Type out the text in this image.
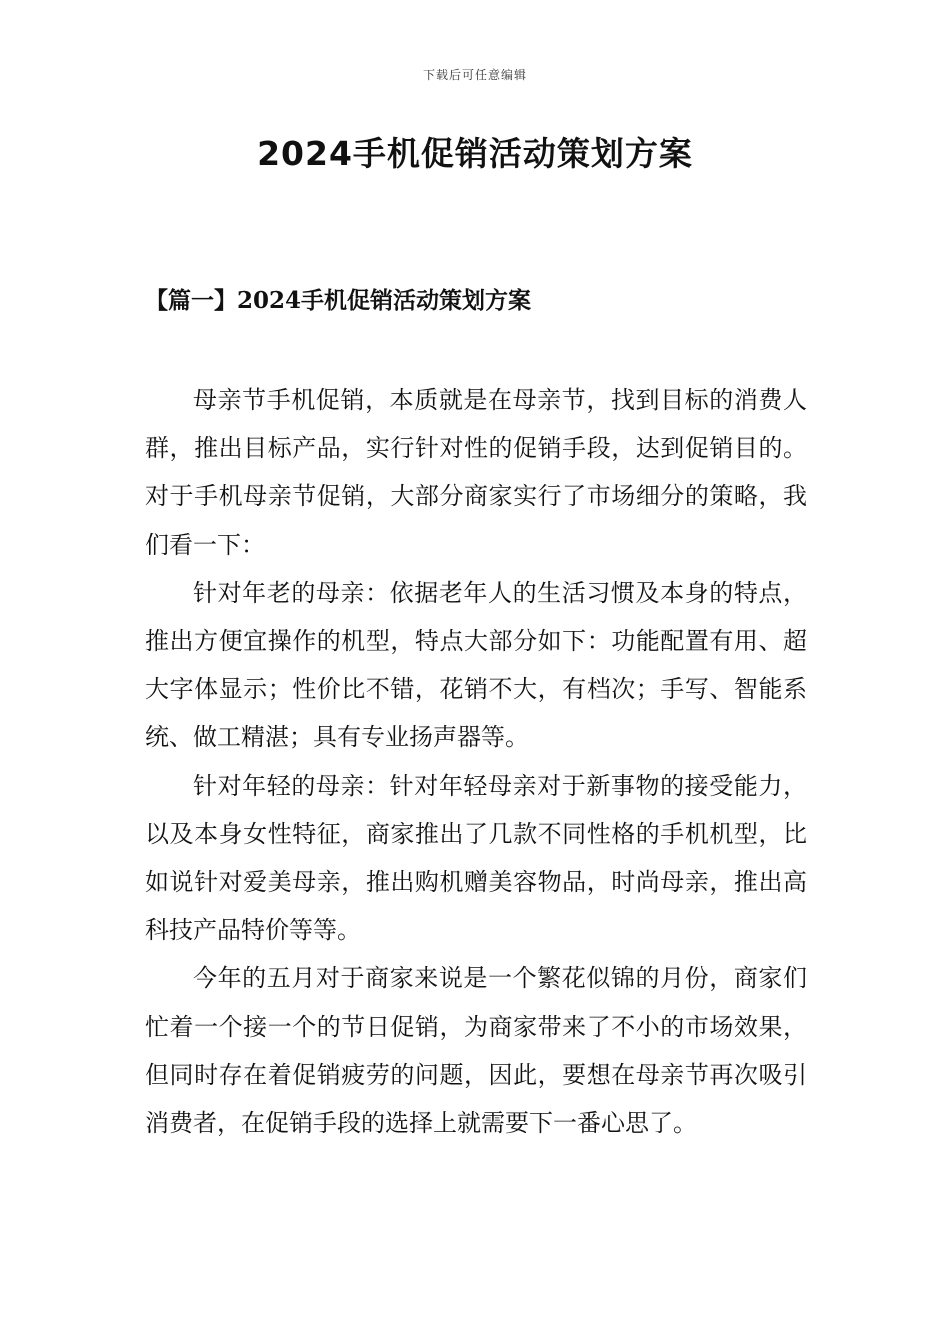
下载后可任意编辑
2024手机促销活动策划方案
【篇一】2024手机促销活动策划方案

母亲节手机促销，本质就是在母亲节，找到目标的消费人群，推出目标产品，实行针对性的促销手段，达到促销目的。对于手机母亲节促销，大部分商家实行了市场细分的策略，我们看一下：

针对年老的母亲：依据老年人的生活习惯及本身的特点，推出方便宜操作的机型，特点大部分如下：功能配置有用、超大字体显示；性价比不错，花销不大，有档次；手写、智能系统、做工精湛；具有专业扬声器等。

针对年轻的母亲：针对年轻母亲对于新事物的接受能力，以及本身女性特征，商家推出了几款不同性格的手机机型，比如说针对爱美母亲，推出购机赠美容物品，时尚母亲，推出高科技产品特价等等。

今年的五月对于商家来说是一个繁花似锦的月份，商家们忙着一个接一个的节日促销，为商家带来了不小的市场效果，但同时存在着促销疲劳的问题，因此，要想在母亲节再次吸引消费者，在促销手段的选择上就需要下一番心思了。
